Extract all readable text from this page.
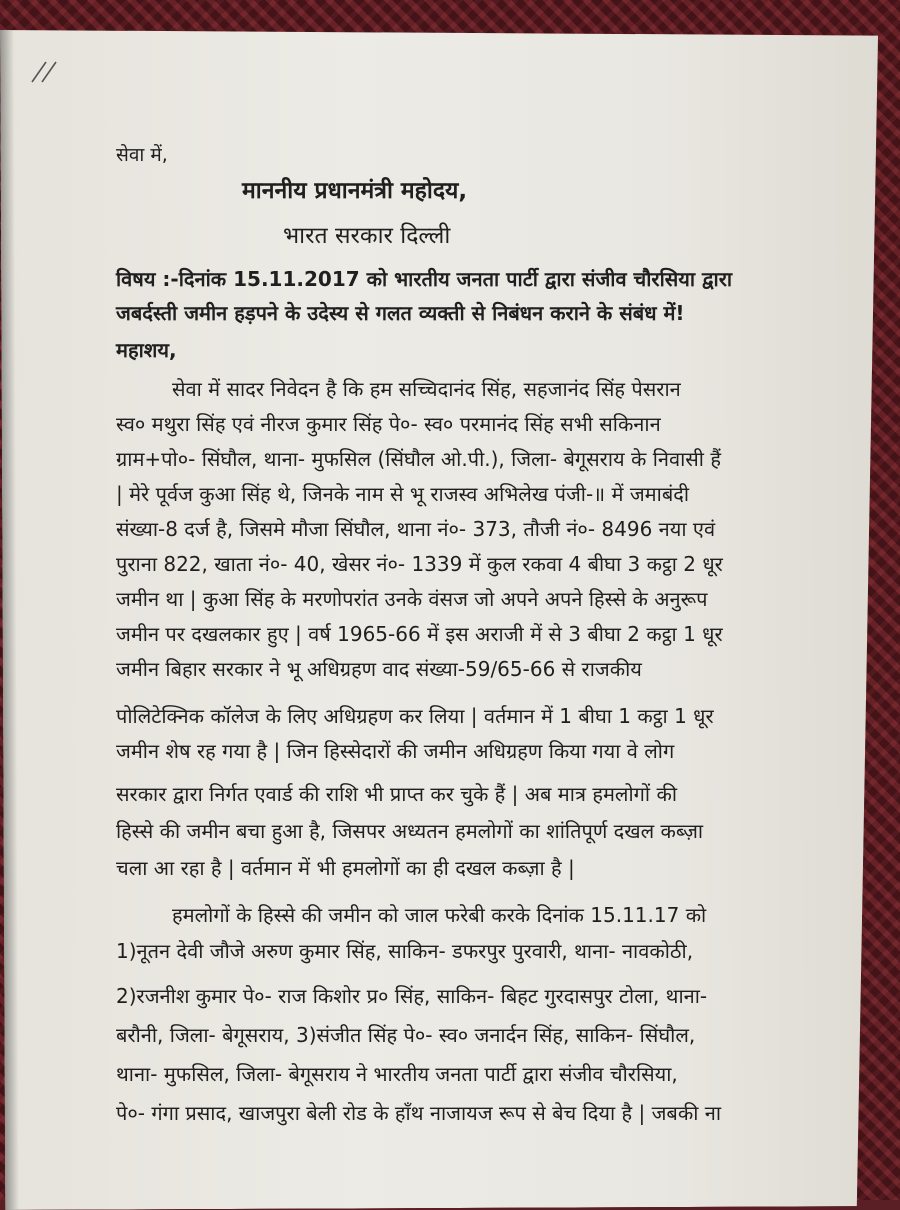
सेवा में,
माननीय प्रधानमंत्री महोदय,
भारत सरकार दिल्ली
विषय :-दिनांक 15.11.2017 को भारतीय जनता पार्टी द्वारा संजीव चौरसिया द्वारा
जबर्दस्ती जमीन हड़पने के उदेस्य से गलत व्यक्ती से निबंधन कराने के संबंध में!
महाशय,
सेवा में सादर निवेदन है कि हम सच्चिदानंद सिंह, सहजानंद सिंह पेसरान
स्व० मथुरा सिंह एवं नीरज कुमार सिंह पे०- स्व० परमानंद सिंह सभी सकिनान
ग्राम+पो०- सिंघौल, थाना- मुफसिल (सिंघौल ओ.पी.), जिला- बेगूसराय के निवासी हैं
| मेरे पूर्वज कुआ सिंह थे, जिनके नाम से भू राजस्व अभिलेख पंजी-॥ में जमाबंदी
संख्या-8 दर्ज है, जिसमे मौजा सिंघौल, थाना नं०- 373, तौजी नं०- 8496 नया एवं
पुराना 822, खाता नं०- 40, खेसर नं०- 1339 में कुल रकवा 4 बीघा 3 कट्ठा 2 धूर
जमीन था | कुआ सिंह के मरणोपरांत उनके वंसज जो अपने अपने हिस्से के अनुरूप
जमीन पर दखलकार हुए | वर्ष 1965-66 में इस अराजी में से 3 बीघा 2 कट्ठा 1 धूर
जमीन बिहार सरकार ने भू अधिग्रहण वाद संख्या-59/65-66 से राजकीय
पोलिटेक्निक कॉलेज के लिए अधिग्रहण कर लिया | वर्तमान में 1 बीघा 1 कट्ठा 1 धूर
जमीन शेष रह गया है | जिन हिस्सेदारों की जमीन अधिग्रहण किया गया वे लोग
सरकार द्वारा निर्गत एवार्ड की राशि भी प्राप्त कर चुके हैं | अब मात्र हमलोगों की
हिस्से की जमीन बचा हुआ है, जिसपर अध्यतन हमलोगों का शांतिपूर्ण दखल कब्ज़ा
चला आ रहा है | वर्तमान में भी हमलोगों का ही दखल कब्ज़ा है |
हमलोगों के हिस्से की जमीन को जाल फरेबी करके दिनांक 15.11.17 को
1)नूतन देवी जौजे अरुण कुमार सिंह, साकिन- डफरपुर पुरवारी, थाना- नावकोठी,
2)रजनीश कुमार पे०- राज किशोर प्र० सिंह, साकिन- बिहट गुरदासपुर टोला, थाना-
बरौनी, जिला- बेगूसराय, 3)संजीत सिंह पे०- स्व० जनार्दन सिंह, साकिन- सिंघौल,
थाना- मुफसिल, जिला- बेगूसराय ने भारतीय जनता पार्टी द्वारा संजीव चौरसिया,
पे०- गंगा प्रसाद, खाजपुरा बेली रोड के हाँथ नाजायज रूप से बेच दिया है | जबकी ना
